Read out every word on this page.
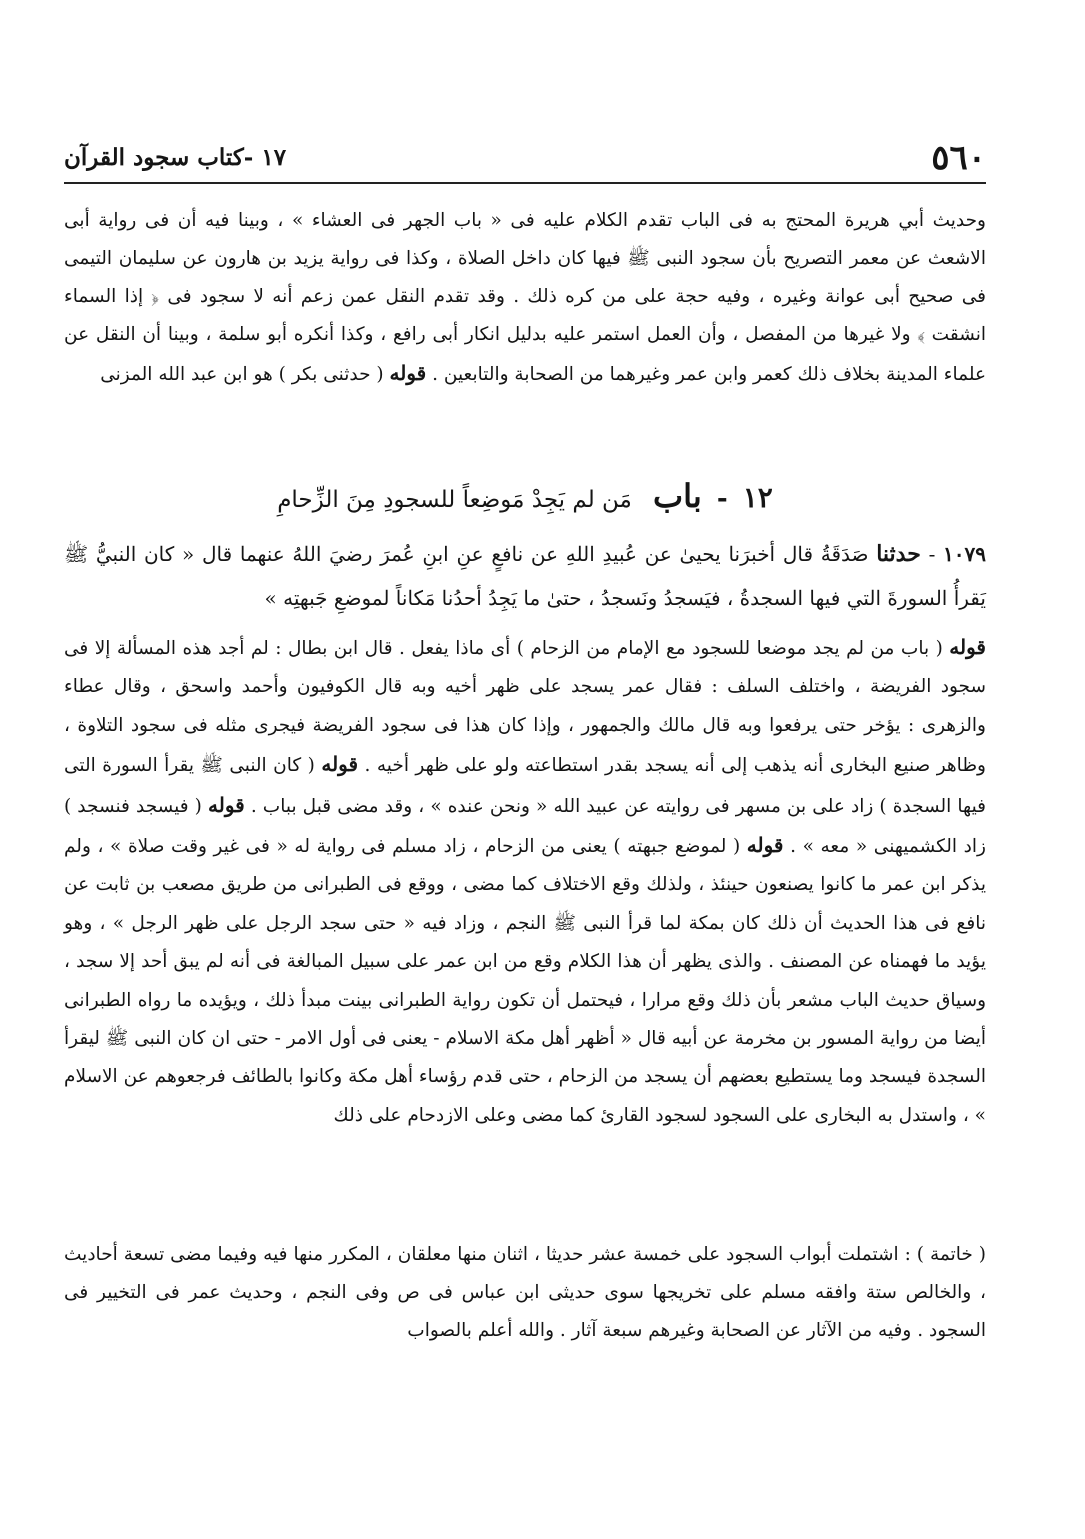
٥٦٠
١٧ -كتاب سجود القرآن

وحديث أبي هريرة المحتج به فى الباب تقدم الكلام عليه فى « باب الجهر فى العشاء » ، وبينا فيه أن فى رواية أبى الاشعث عن معمر التصريح بأن سجود النبى ﷺ فيها كان داخل الصلاة ، وكذا فى رواية يزيد بن هارون عن سليمان التيمى فى صحيح أبى عوانة وغيره ، وفيه حجة على من كره ذلك . وقد تقدم النقل عمن زعم أنه لا سجود فى ﴿ إذا السماء انشقت ﴾ ولا غيرها من المفصل ، وأن العمل استمر عليه بدليل انكار أبى رافع ، وكذا أنكره أبو سلمة ، وبينا أن النقل عن علماء المدينة بخلاف ذلك كعمر وابن عمر وغيرهما من الصحابة والتابعين . قوله ( حدثنى بكر ) هو ابن عبد الله المزنى

١٢ - باب مَن لم يَجِدْ مَوضِعاً للسجودِ مِنَ الزِّحامِ

١٠٧٩ - حدثنا صَدَقَةُ قال أخبرَنا يحيىٰ عن عُبيدِ اللهِ عن نافعٍ عنِ ابنِ عُمرَ رضيَ اللهُ عنهما قال « كان النبيُّ ﷺ يَقرأُ السورةَ التي فيها السجدةُ ، فيَسجدُ ونَسجدُ ، حتىٰ ما يَجِدُ أحدُنا مَكاناً لموضعِ جَبهتِه »

قوله ( باب من لم يجد موضعا للسجود مع الإمام من الزحام ) أى ماذا يفعل . قال ابن بطال : لم أجد هذه المسألة إلا فى سجود الفريضة ، واختلف السلف : فقال عمر يسجد على ظهر أخيه وبه قال الكوفيون وأحمد واسحق ، وقال عطاء والزهرى : يؤخر حتى يرفعوا وبه قال مالك والجمهور ، وإذا كان هذا فى سجود الفريضة فيجرى مثله فى سجود التلاوة ، وظاهر صنيع البخارى أنه يذهب إلى أنه يسجد بقدر استطاعته ولو على ظهر أخيه . قوله ( كان النبى ﷺ يقرأ السورة التى فيها السجدة ) زاد على بن مسهر فى روايته عن عبيد الله « ونحن عنده » ، وقد مضى قبل بباب . قوله ( فيسجد فنسجد ) زاد الكشميهنى « معه » . قوله ( لموضع جبهته ) يعنى من الزحام ، زاد مسلم فى رواية له « فى غير وقت صلاة » ، ولم يذكر ابن عمر ما كانوا يصنعون حينئذ ، ولذلك وقع الاختلاف كما مضى ، ووقع فى الطبرانى من طريق مصعب بن ثابت عن نافع فى هذا الحديث أن ذلك كان بمكة لما قرأ النبى ﷺ النجم ، وزاد فيه « حتى سجد الرجل على ظهر الرجل » ، وهو يؤيد ما فهمناه عن المصنف . والذى يظهر أن هذا الكلام وقع من ابن عمر على سبيل المبالغة فى أنه لم يبق أحد إلا سجد ، وسياق حديث الباب مشعر بأن ذلك وقع مرارا ، فيحتمل أن تكون رواية الطبرانى بينت مبدأ ذلك ، ويؤيده ما رواه الطبرانى أيضا من رواية المسور بن مخرمة عن أبيه قال « أظهر أهل مكة الاسلام - يعنى فى أول الامر - حتى ان كان النبى ﷺ ليقرأ السجدة فيسجد وما يستطيع بعضهم أن يسجد من الزحام ، حتى قدم رؤساء أهل مكة وكانوا بالطائف فرجعوهم عن الاسلام » ، واستدل به البخارى على السجود لسجود القارئ كما مضى وعلى الازدحام على ذلك

( خاتمة ) : اشتملت أبواب السجود على خمسة عشر حديثا ، اثنان منها معلقان ، المكرر منها فيه وفيما مضى تسعة أحاديث ، والخالص ستة وافقه مسلم على تخريجها سوى حديثى ابن عباس فى ص وفى النجم ، وحديث عمر فى التخيير فى السجود . وفيه من الآثار عن الصحابة وغيرهم سبعة آثار . والله أعلم بالصواب
